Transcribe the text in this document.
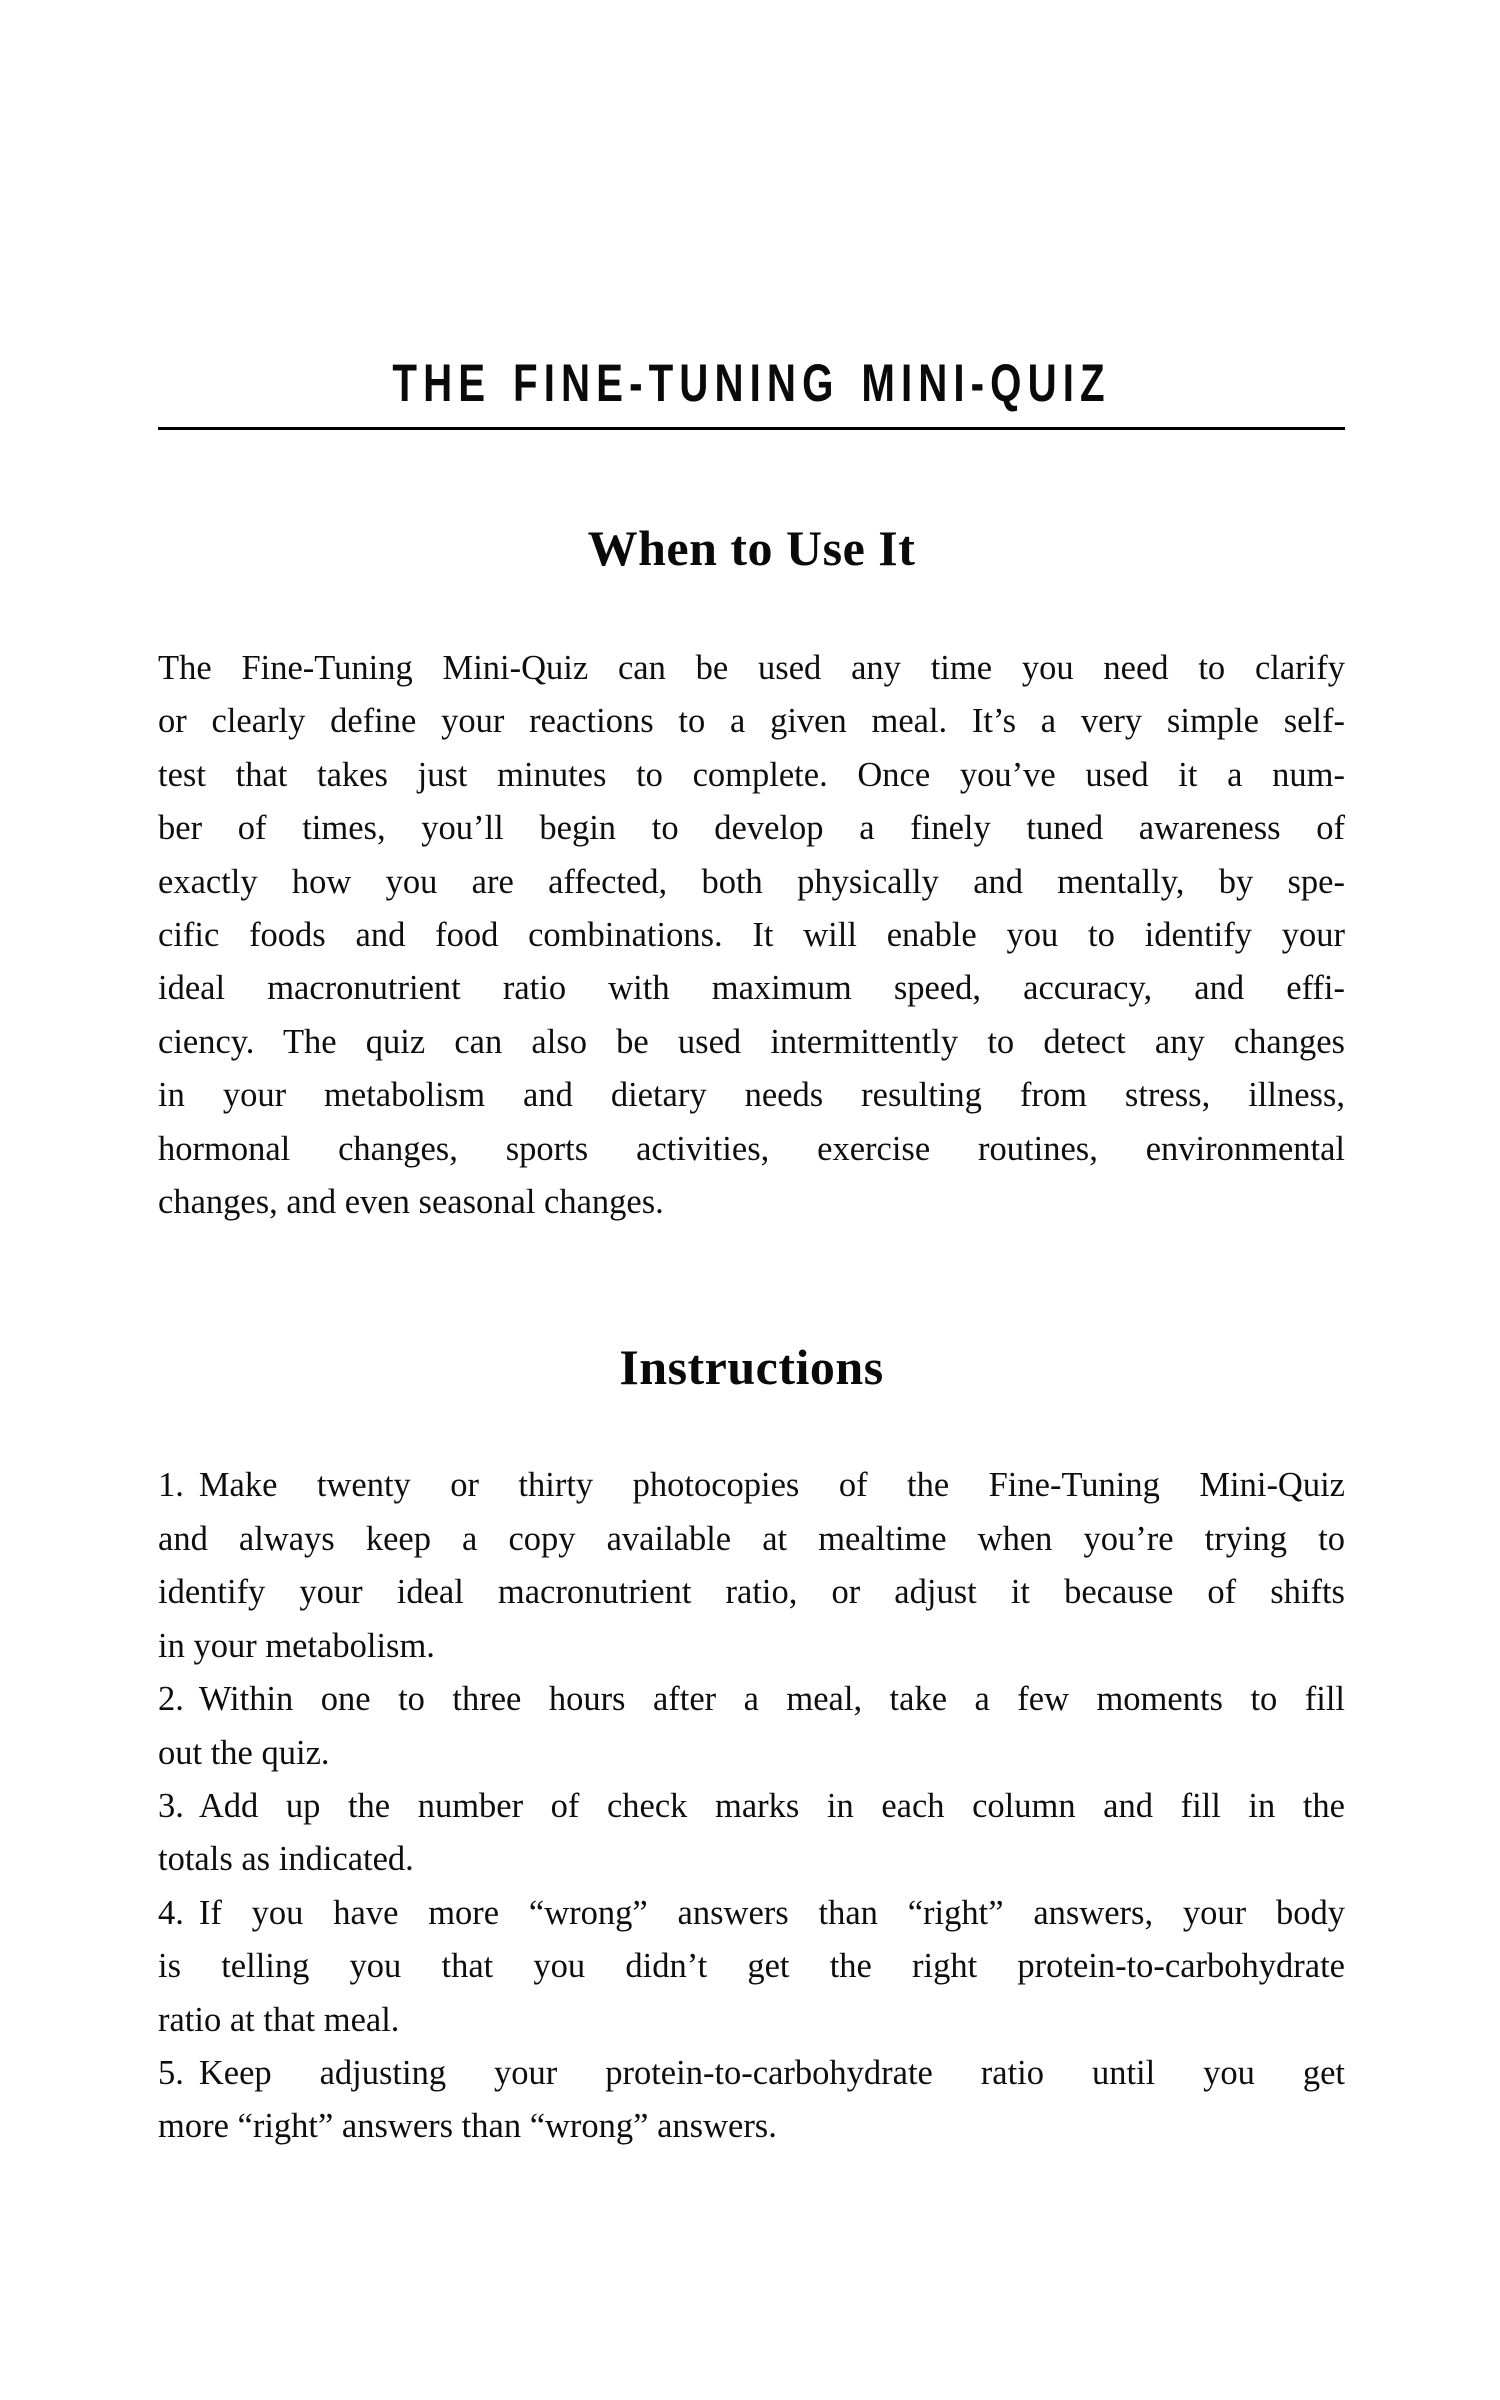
THE FINE-TUNING MINI-QUIZ
When to Use It
The Fine-Tuning Mini-Quiz can be used any time you need to clarify
or clearly define your reactions to a given meal. It’s a very simple self-
test that takes just minutes to complete. Once you’ve used it a num-
ber of times, you’ll begin to develop a finely tuned awareness of
exactly how you are affected, both physically and mentally, by spe-
cific foods and food combinations. It will enable you to identify your
ideal macronutrient ratio with maximum speed, accuracy, and effi-
ciency. The quiz can also be used intermittently to detect any changes
in your metabolism and dietary needs resulting from stress, illness,
hormonal changes, sports activities, exercise routines, environmental
changes, and even seasonal changes.
Instructions
1. Make twenty or thirty photocopies of the Fine-Tuning Mini-Quiz
and always keep a copy available at mealtime when you’re trying to
identify your ideal macronutrient ratio, or adjust it because of shifts
in your metabolism.
2. Within one to three hours after a meal, take a few moments to fill
out the quiz.
3. Add up the number of check marks in each column and fill in the
totals as indicated.
4. If you have more “wrong” answers than “right” answers, your body
is telling you that you didn’t get the right protein-to-carbohydrate
ratio at that meal.
5. Keep adjusting your protein-to-carbohydrate ratio until you get
more “right” answers than “wrong” answers.
